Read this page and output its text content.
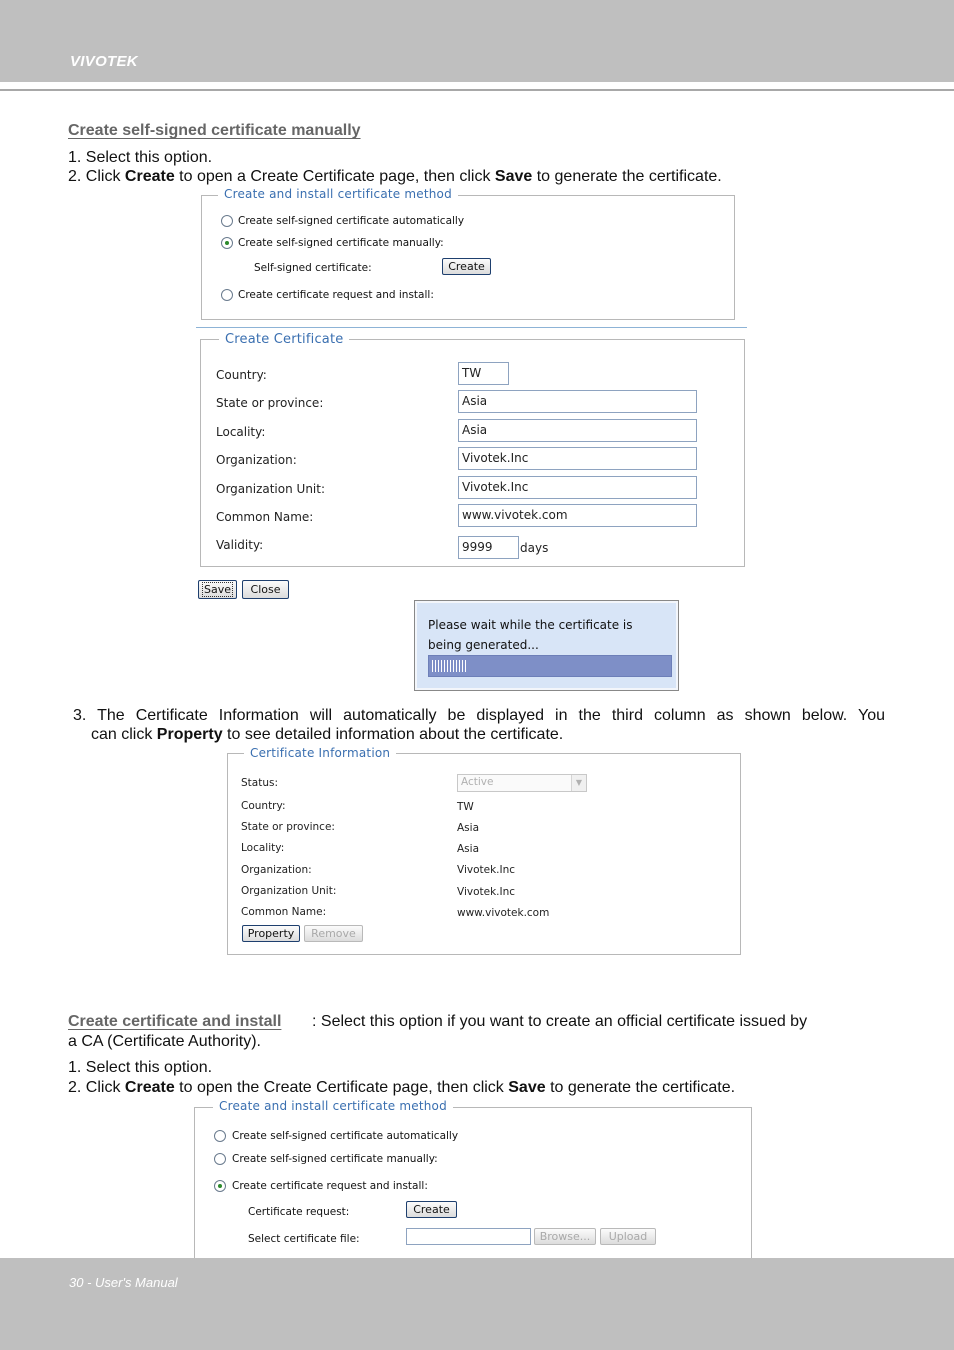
VIVOTEK
Create self-signed certificate manually
1. Select this option.
2. Click Create to open a Create Certificate page, then click Save to generate the certificate.
Create and install certificate method
Create self-signed certificate automatically
Create self-signed certificate manually:
Self-signed certificate:	Create
Create certificate request and install:
Create Certificate
Country:	TW
State or province:	Asia
Locality:	Asia
Organization:	Vivotek.Inc
Organization Unit:	Vivotek.Inc
Common Name:	www.vivotek.com
Validity:	9999	days
Save	Close
Please wait while the certificate is being generated...
3. The Certificate Information will automatically be displayed in the third column as shown below. You
can click Property to see detailed information about the certificate.
Certificate Information
Status:	Active	▼
Country:	TW
State or province:	Asia
Locality:	Asia
Organization:	Vivotek.Inc
Organization Unit:	Vivotek.Inc
Common Name:	www.vivotek.com
Property	Remove
Create certificate and install : Select this option if you want to create an official certificate issued by
a CA (Certificate Authority).
1. Select this option.
2. Click Create to open the Create Certificate page, then click Save to generate the certificate.
Create and install certificate method
Create self-signed certificate automatically
Create self-signed certificate manually:
Create certificate request and install:
Certificate request:	Create
Select certificate file:	Browse...	Upload
30 - User's Manual
